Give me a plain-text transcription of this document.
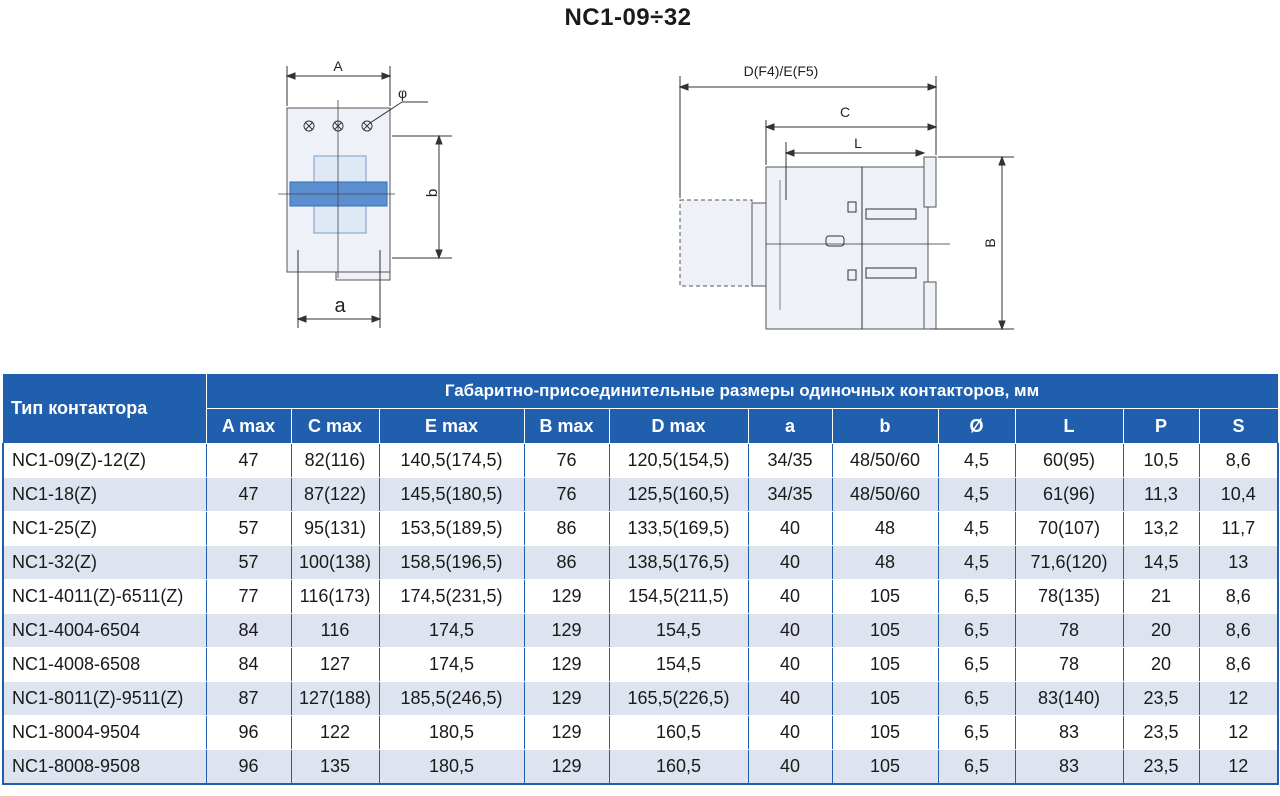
NC1-09÷32
A
φ
b
a
D(F4)/E(F5)
C
L
B
Тип контактора	Габаритно-присоединительные размеры одиночных контакторов, мм										
	A max	C max	E max	B max	D max	a	b	Ø	L	P	S
NC1-09(Z)-12(Z)	47	82(116)	140,5(174,5)	76	120,5(154,5)	34/35	48/50/60	4,5	60(95)	10,5	8,6
NC1-18(Z)	47	87(122)	145,5(180,5)	76	125,5(160,5)	34/35	48/50/60	4,5	61(96)	11,3	10,4
NC1-25(Z)	57	95(131)	153,5(189,5)	86	133,5(169,5)	40	48	4,5	70(107)	13,2	11,7
NC1-32(Z)	57	100(138)	158,5(196,5)	86	138,5(176,5)	40	48	4,5	71,6(120)	14,5	13
NC1-4011(Z)-6511(Z)	77	116(173)	174,5(231,5)	129	154,5(211,5)	40	105	6,5	78(135)	21	8,6
NC1-4004-6504	84	116	174,5	129	154,5	40	105	6,5	78	20	8,6
NC1-4008-6508	84	127	174,5	129	154,5	40	105	6,5	78	20	8,6
NC1-8011(Z)-9511(Z)	87	127(188)	185,5(246,5)	129	165,5(226,5)	40	105	6,5	83(140)	23,5	12
NC1-8004-9504	96	122	180,5	129	160,5	40	105	6,5	83	23,5	12
NC1-8008-9508	96	135	180,5	129	160,5	40	105	6,5	83	23,5	12
